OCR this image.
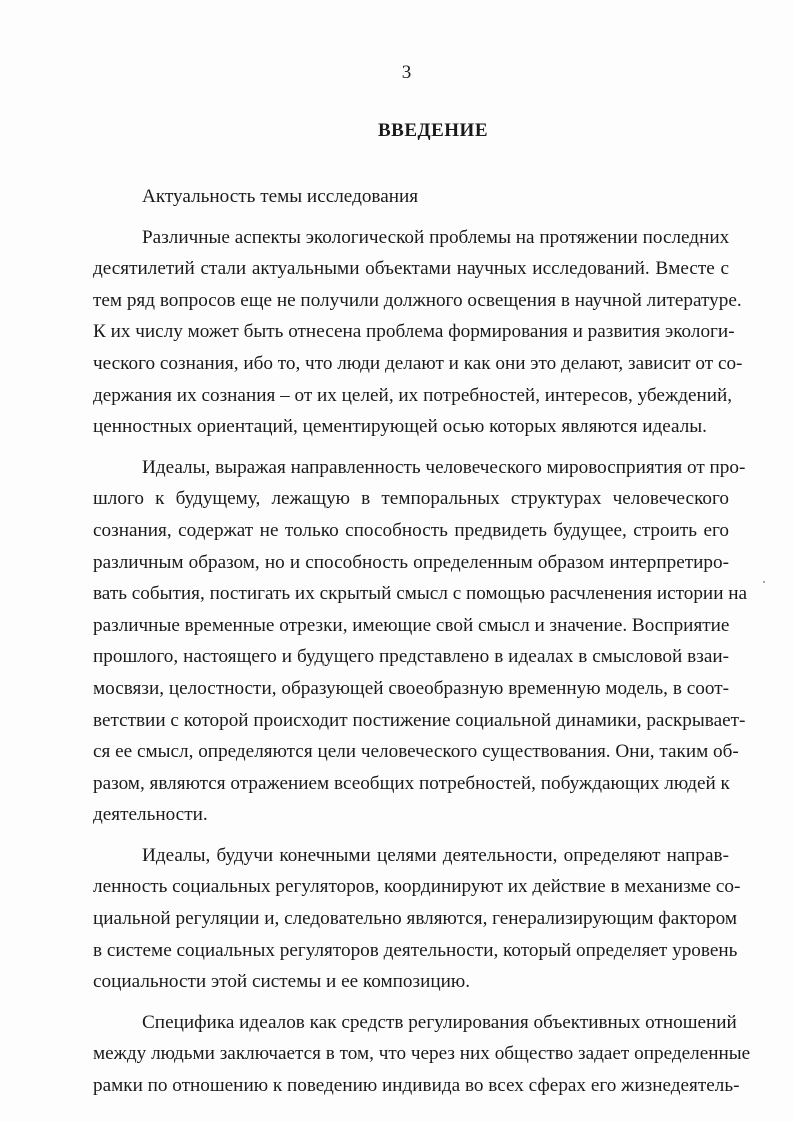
3
ВВЕДЕНИЕ
Актуальность темы исследования
Различные аспекты экологической проблемы на протяжении последних
десятилетий стали актуальными объектами научных исследований. Вместе с
тем ряд вопросов еще не получили должного освещения в научной литературе.
К их числу может быть отнесена проблема формирования и развития экологи-
ческого сознания, ибо то, что люди делают и как они это делают, зависит от со-
держания их сознания – от их целей, их потребностей, интересов, убеждений,
ценностных ориентаций, цементирующей осью которых являются идеалы.
Идеалы, выражая направленность человеческого мировосприятия от про-
шлого к будущему, лежащую в темпоральных структурах человеческого
сознания, содержат не только способность предвидеть будущее, строить его
различным образом, но и способность определенным образом интерпретиро-
вать события, постигать их скрытый смысл с помощью расчленения истории на
различные временные отрезки, имеющие свой смысл и значение. Восприятие
прошлого, настоящего и будущего представлено в идеалах в смысловой взаи-
мосвязи, целостности, образующей своеобразную временную модель, в соот-
ветствии с которой происходит постижение социальной динамики, раскрывает-
ся ее смысл, определяются цели человеческого существования. Они, таким об-
разом, являются отражением всеобщих потребностей, побуждающих людей к
деятельности.
Идеалы, будучи конечными целями деятельности, определяют направ-
ленность социальных регуляторов, координируют их действие в механизме со-
циальной регуляции и, следовательно являются, генерализирующим фактором
в системе социальных регуляторов деятельности, который определяет уровень
социальности этой системы и ее композицию.
Специфика идеалов как средств регулирования объективных отношений
между людьми заключается в том, что через них общество задает определенные
рамки по отношению к поведению индивида во всех сферах его жизнедеятель-
